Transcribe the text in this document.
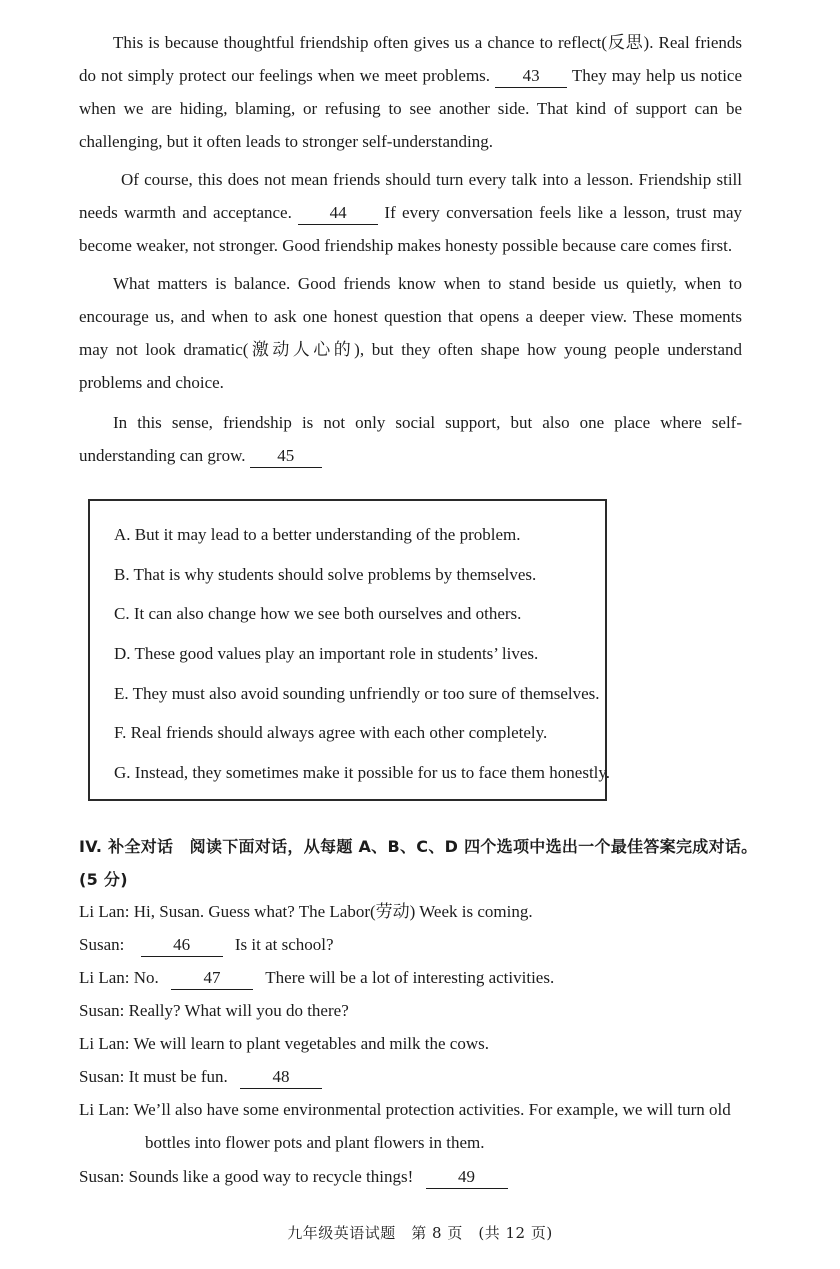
This is because thoughtful friendship often gives us a chance to reflect(反思). Real friends do not simply protect our feelings when we meet problems. 43 They may help us notice when we are hiding, blaming, or refusing to see another side. That kind of support can be challenging, but it often leads to stronger self-understanding.

Of course, this does not mean friends should turn every talk into a lesson. Friendship still needs warmth and acceptance. 44 If every conversation feels like a lesson, trust may become weaker, not stronger. Good friendship makes honesty possible because care comes first.

What matters is balance. Good friends know when to stand beside us quietly, when to encourage us, and when to ask one honest question that opens a deeper view. These moments may not look dramatic(激动人心的), but they often shape how young people understand problems and choice.

In this sense, friendship is not only social support, but also one place where self-understanding can grow. 45

A. But it may lead to a better understanding of the problem.

B. That is why students should solve problems by themselves.

C. It can also change how we see both ourselves and others.

D. These good values play an important role in students’ lives.

E. They must also avoid sounding unfriendly or too sure of themselves.

F. Real friends should always agree with each other completely.

G. Instead, they sometimes make it possible for us to face them honestly.

IV. 补全对话　阅读下面对话，从每题 A、B、C、D 四个选项中选出一个最佳答案完成对话。(5 分)

Li Lan: Hi, Susan. Guess what? The Labor(劳动) Week is coming.

Susan:	46	Is it at school?

Li Lan: No.	47	There will be a lot of interesting activities.

Susan: Really? What will you do there?

Li Lan: We will learn to plant vegetables and milk the cows.

Susan: It must be fun.	48

Li Lan: We’ll also have some environmental protection activities. For example, we will turn old

bottles into flower pots and plant flowers in them.

Susan: Sounds like a good way to recycle things!	49

九年级英语试题　第 8 页　(共 12 页)
